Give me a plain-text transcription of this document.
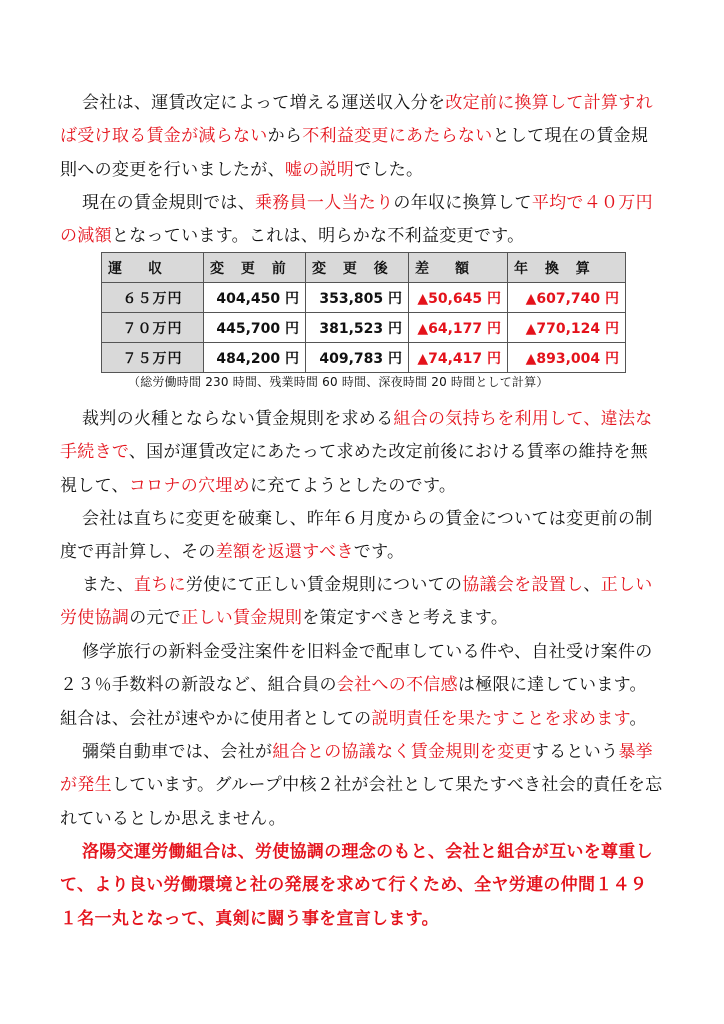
会社は、運賃改定によって増える運送収入分を改定前に換算して計算すれば受け取る賃金が減らないから不利益変更にあたらないとして現在の賃金規則への変更を行いましたが、嘘の説明でした。

現在の賃金規則では、乗務員一人当たりの年収に換算して平均で４０万円の減額となっています。これは、明らかな不利益変更です。

運　収	変 更 前	変 更 後	差　額	年 換 算
６５万円	404,450 円	353,805 円	▲50,645 円	▲607,740 円
７０万円	445,700 円	381,523 円	▲64,177 円	▲770,124 円
７５万円	484,200 円	409,783 円	▲74,417 円	▲893,004 円
（総労働時間 230 時間、残業時間 60 時間、深夜時間 20 時間として計算）

裁判の火種とならない賃金規則を求める組合の気持ちを利用して、違法な手続きで、国が運賃改定にあたって求めた改定前後における賃率の維持を無視して、コロナの穴埋めに充てようとしたのです。

会社は直ちに変更を破棄し、昨年６月度からの賃金については変更前の制度で再計算し、その差額を返還すべきです。

また、直ちに労使にて正しい賃金規則についての協議会を設置し、正しい労使協調の元で正しい賃金規則を策定すべきと考えます。

修学旅行の新料金受注案件を旧料金で配車している件や、自社受け案件の２３％手数料の新設など、組合員の会社への不信感は極限に達しています。組合は、会社が速やかに使用者としての説明責任を果たすことを求めます。

彌榮自動車では、会社が組合との協議なく賃金規則を変更するという暴挙が発生しています。グループ中核２社が会社として果たすべき社会的責任を忘れているとしか思えません。

洛陽交運労働組合は、労使協調の理念のもと、会社と組合が互いを尊重して、より良い労働環境と社の発展を求めて行くため、全ヤ労連の仲間１４９１名一丸となって、真剣に闘う事を宣言します。
